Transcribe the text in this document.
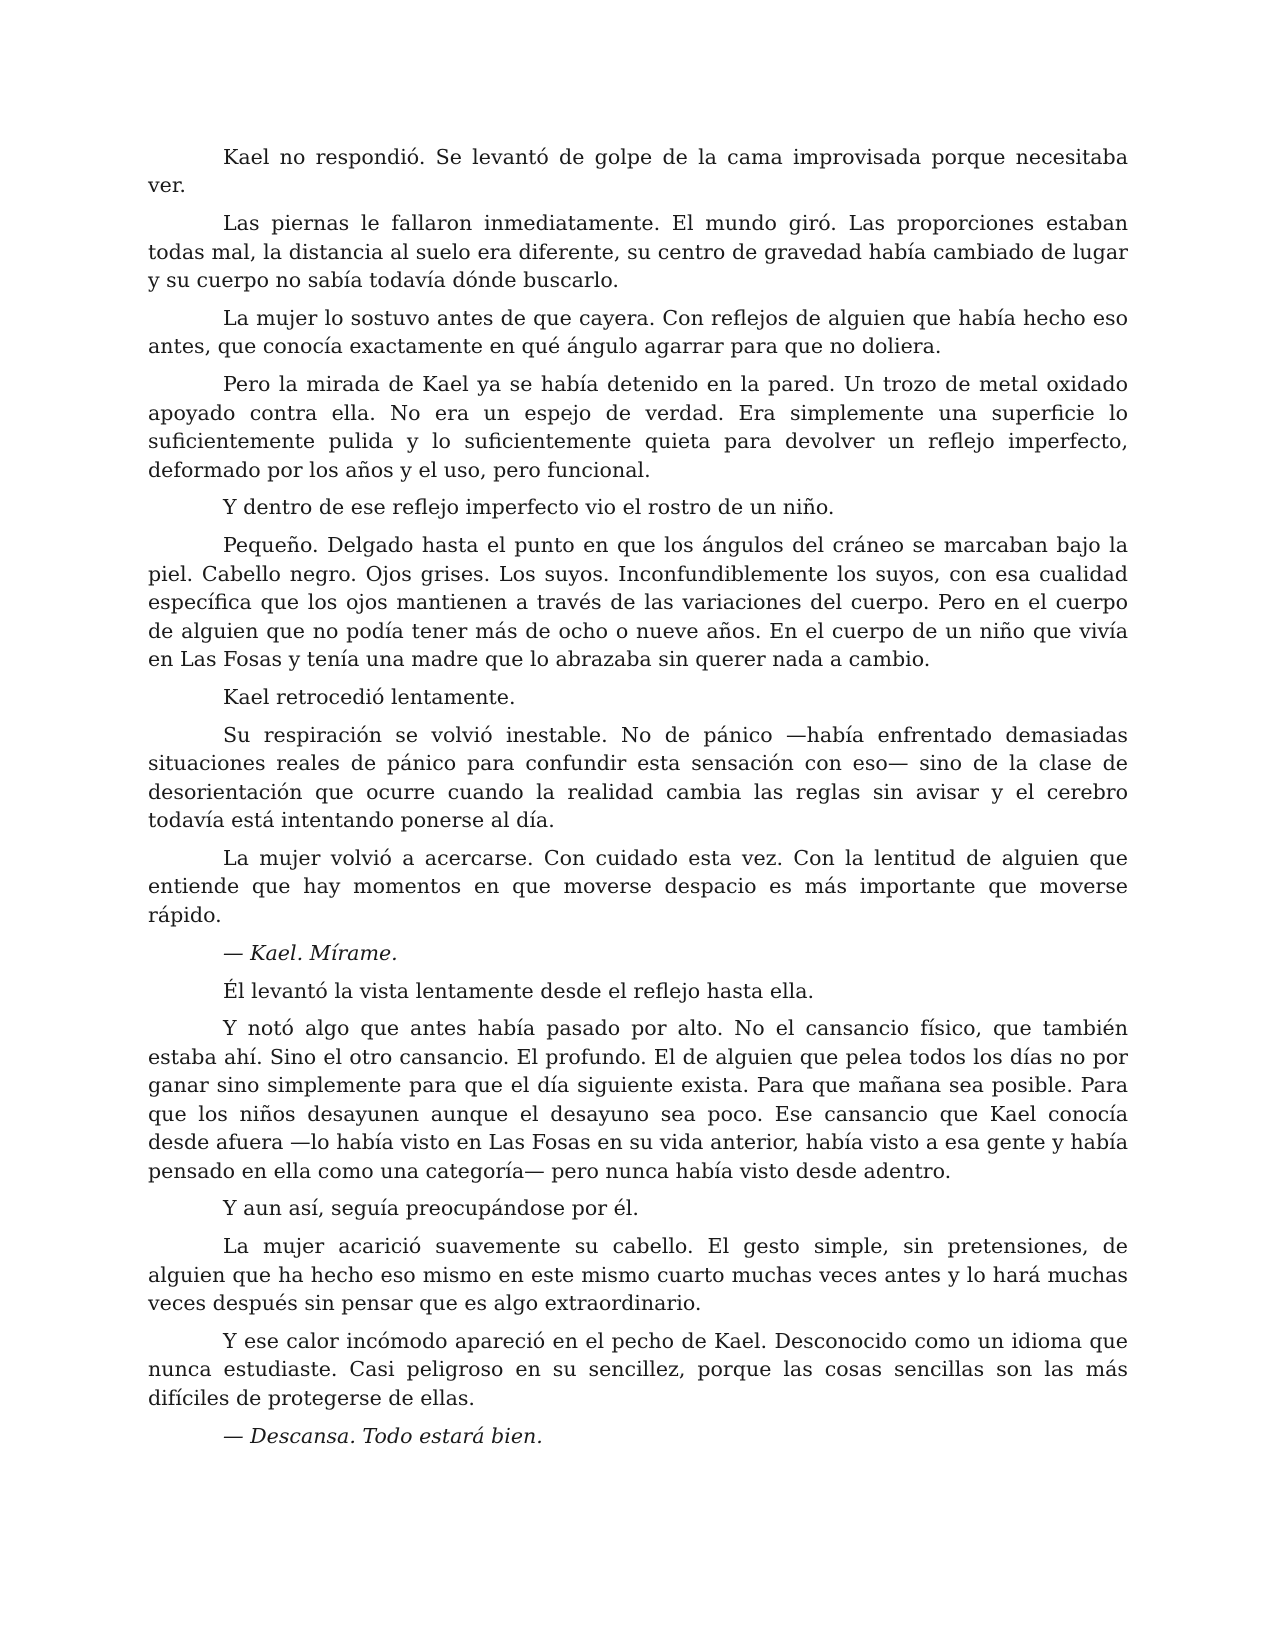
Kael no respondió. Se levantó de golpe de la cama improvisada porque necesitaba ver.

Las piernas le fallaron inmediatamente. El mundo giró. Las proporciones estaban todas mal, la distancia al suelo era diferente, su centro de gravedad había cambiado de lugar y su cuerpo no sabía todavía dónde buscarlo.

La mujer lo sostuvo antes de que cayera. Con reflejos de alguien que había hecho eso antes, que conocía exactamente en qué ángulo agarrar para que no doliera.

Pero la mirada de Kael ya se había detenido en la pared. Un trozo de metal oxidado apoyado contra ella. No era un espejo de verdad. Era simplemente una superficie lo suficientemente pulida y lo suficientemente quieta para devolver un reflejo imperfecto, deformado por los años y el uso, pero funcional.

Y dentro de ese reflejo imperfecto vio el rostro de un niño.

Pequeño. Delgado hasta el punto en que los ángulos del cráneo se marcaban bajo la piel. Cabello negro. Ojos grises. Los suyos. Inconfundiblemente los suyos, con esa cualidad específica que los ojos mantienen a través de las variaciones del cuerpo. Pero en el cuerpo de alguien que no podía tener más de ocho o nueve años. En el cuerpo de un niño que vivía en Las Fosas y tenía una madre que lo abrazaba sin querer nada a cambio.

Kael retrocedió lentamente.

Su respiración se volvió inestable. No de pánico —había enfrentado demasiadas situaciones reales de pánico para confundir esta sensación con eso— sino de la clase de desorientación que ocurre cuando la realidad cambia las reglas sin avisar y el cerebro todavía está intentando ponerse al día.

La mujer volvió a acercarse. Con cuidado esta vez. Con la lentitud de alguien que entiende que hay momentos en que moverse despacio es más importante que moverse rápido.

— Kael. Mírame.

Él levantó la vista lentamente desde el reflejo hasta ella.

Y notó algo que antes había pasado por alto. No el cansancio físico, que también estaba ahí. Sino el otro cansancio. El profundo. El de alguien que pelea todos los días no por ganar sino simplemente para que el día siguiente exista. Para que mañana sea posible. Para que los niños desayunen aunque el desayuno sea poco. Ese cansancio que Kael conocía desde afuera —lo había visto en Las Fosas en su vida anterior, había visto a esa gente y había pensado en ella como una categoría— pero nunca había visto desde adentro.

Y aun así, seguía preocupándose por él.

La mujer acarició suavemente su cabello. El gesto simple, sin pretensiones, de alguien que ha hecho eso mismo en este mismo cuarto muchas veces antes y lo hará muchas veces después sin pensar que es algo extraordinario.

Y ese calor incómodo apareció en el pecho de Kael. Desconocido como un idioma que nunca estudiaste. Casi peligroso en su sencillez, porque las cosas sencillas son las más difíciles de protegerse de ellas.

— Descansa. Todo estará bien.
